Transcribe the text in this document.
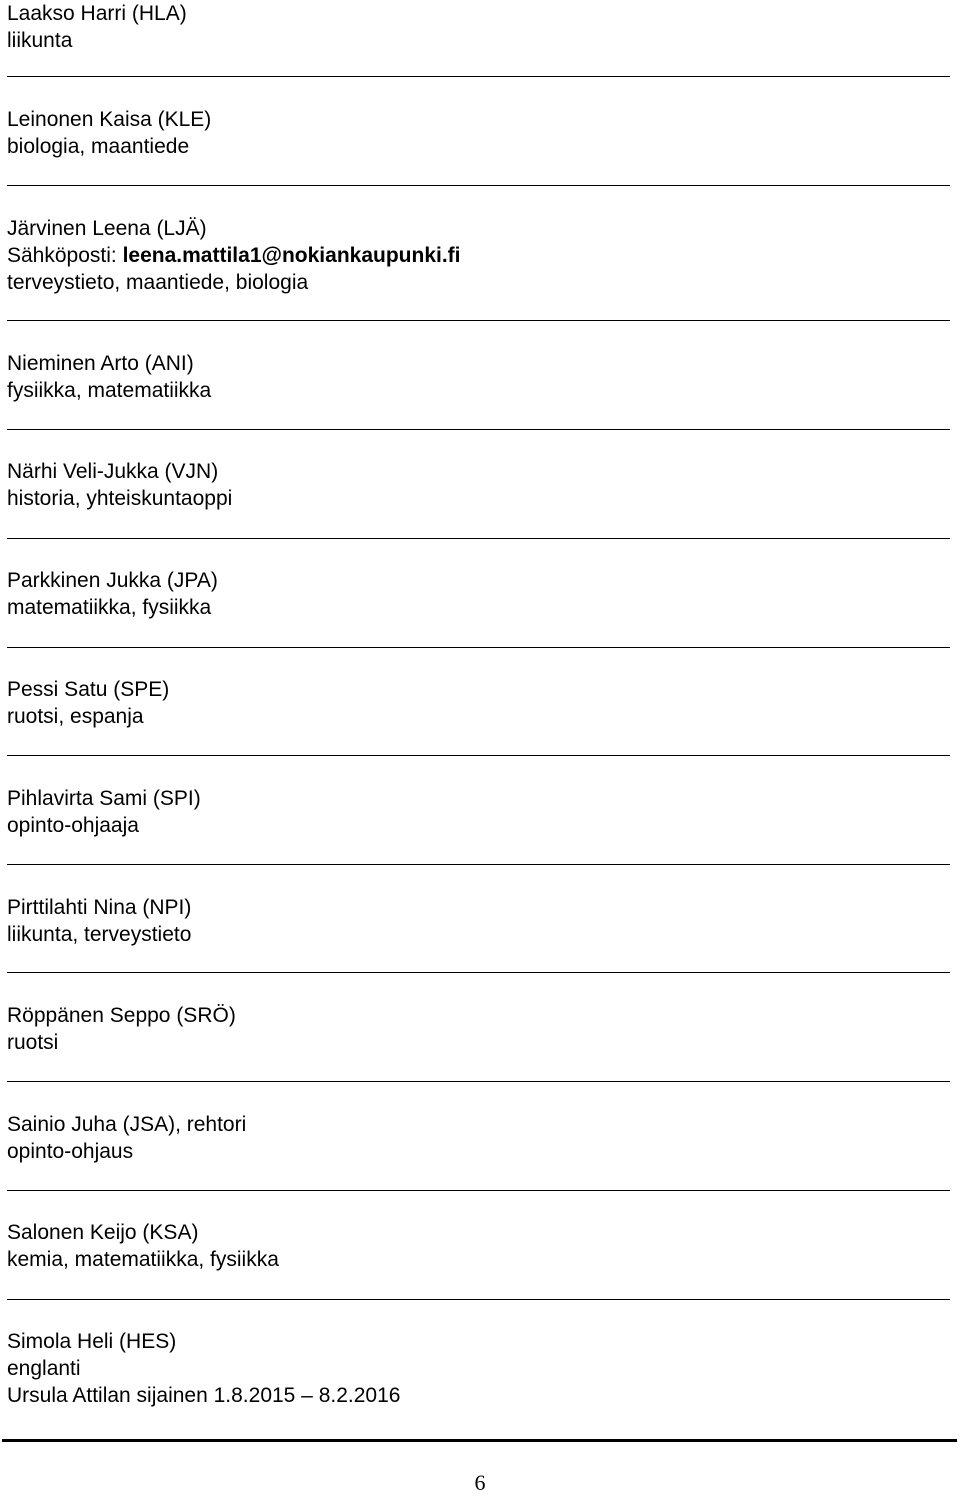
Laakso Harri (HLA)
liikunta
Leinonen Kaisa (KLE)
biologia, maantiede
Järvinen Leena (LJÄ)
Sähköposti: leena.mattila1@nokiankaupunki.fi
terveystieto, maantiede, biologia
Nieminen Arto (ANI)
fysiikka, matematiikka
Närhi Veli-Jukka (VJN)
historia, yhteiskuntaoppi
Parkkinen Jukka (JPA)
matematiikka, fysiikka
Pessi Satu (SPE)
ruotsi, espanja
Pihlavirta Sami (SPI)
opinto-ohjaaja
Pirttilahti Nina (NPI)
liikunta, terveystieto
Röppänen Seppo (SRÖ)
ruotsi
Sainio Juha (JSA), rehtori
opinto-ohjaus
Salonen Keijo (KSA)
kemia, matematiikka, fysiikka
Simola Heli (HES)
englanti
Ursula Attilan sijainen 1.8.2015 – 8.2.2016
6
